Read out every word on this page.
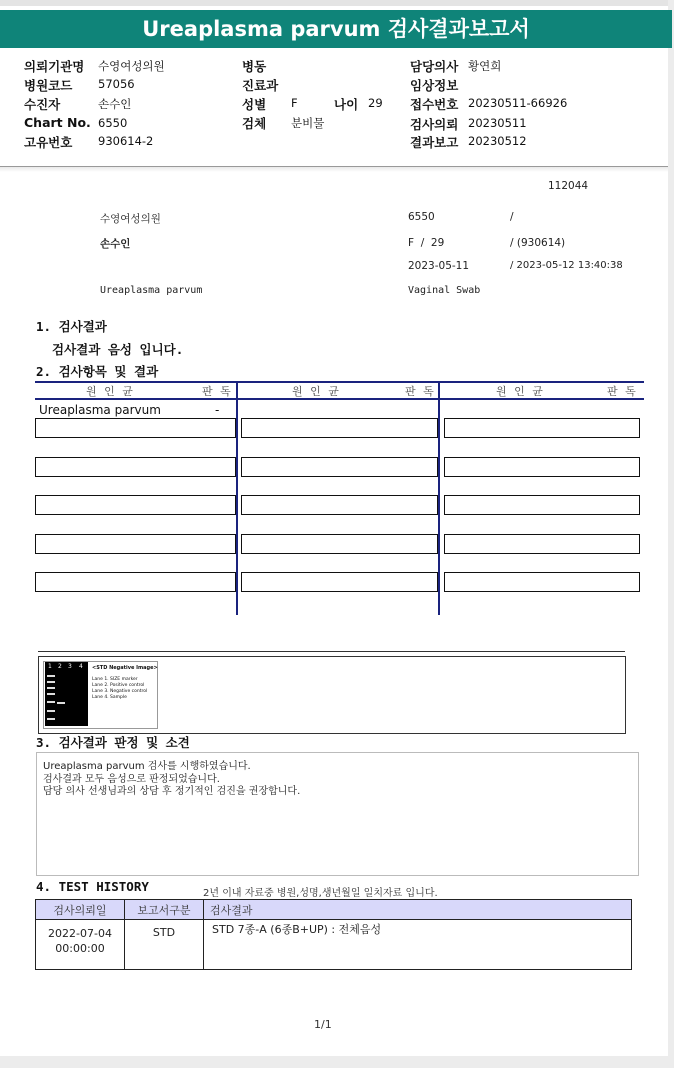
Ureaplasma parvum 검사결과보고서
의뢰기관명 수영여성의원
병원코드 57056
수진자	손수인
Chart No. 6550
고유번호 930614-2
병동
진료과
성별 F	나이 29
검체 분비물
담당의사 황연희
임상정보
접수번호 20230511-66926
검사의뢰 20230511
결과보고 20230512
112044
수영여성의원	6550	/
손수인	F  /  29	/ (930614)
2023-05-11	/ 2023-05-12 13:40:38
Ureaplasma parvum	Vaginal Swab
1. 검사결과
검사결과 음성 입니다.
2. 검사항목 및 결과
원 인 균	판 독	원 인 균	판 독	원 인 균	판 독
Ureaplasma parvum	-
1 2 3 4 <STD Negative Image>
Lane 1. SIZE marker
Lane 2. Positive control
Lane 3. Negative control
Lane 4. Sample
3. 검사결과 판정 및 소견
Ureaplasma parvum 검사를 시행하였습니다.
검사결과 모두 음성으로 판정되었습니다.
담당 의사 선생님과의 상담 후 정기적인 검진을 권장합니다.
4. TEST HISTORY	2년 이내 자료중 병원,성명,생년월일 일치자료 입니다.
검사의뢰일	보고서구분	검사결과

2022-07-04
00:00:00	STD	STD 7종-A (6종B+UP) : 전체음성
1/1
